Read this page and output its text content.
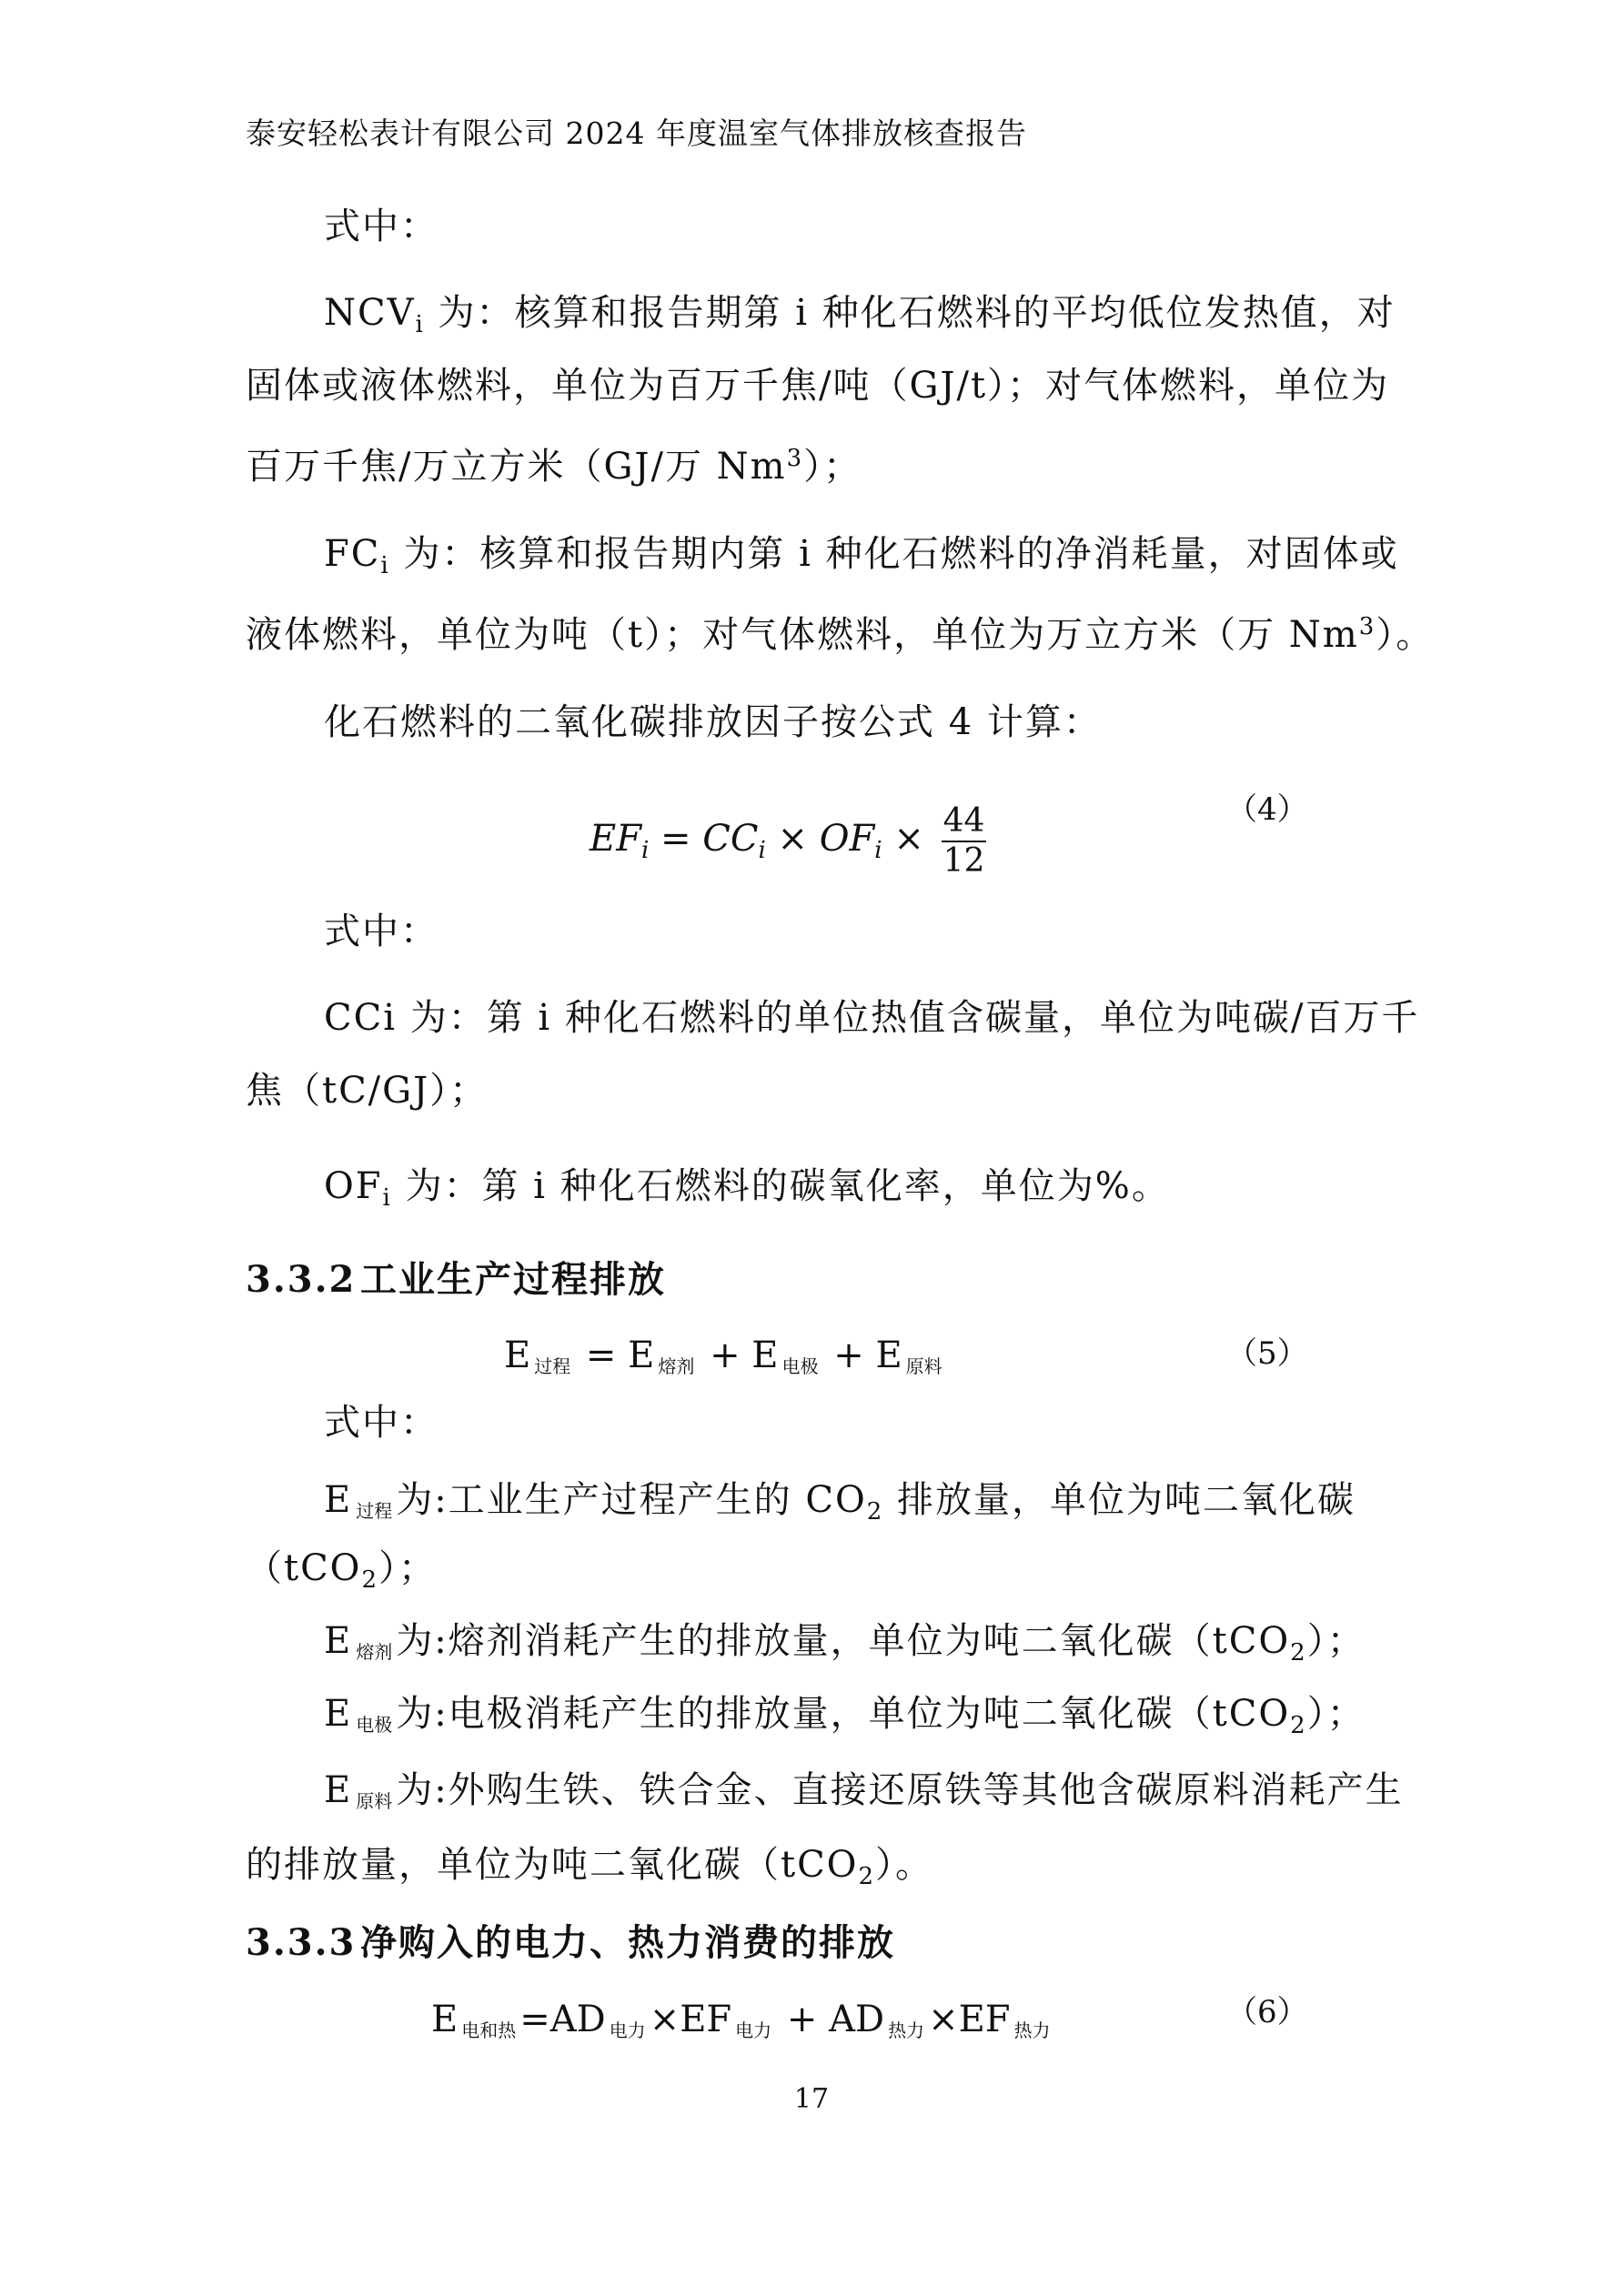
泰安轻松表计有限公司 2024 年度温室气体排放核查报告
式中：
$NCV_i$ 为：核算和报告期第 i 种化石燃料的平均低位发热值，对
固体或液体燃料，单位为百万千焦/吨（GJ/t）；对气体燃料，单位为
百万千焦/万立方米（GJ/万 Nm$^3$）；
$FC_i$ 为：核算和报告期内第 i 种化石燃料的净消耗量，对固体或
液体燃料，单位为吨（t）；对气体燃料，单位为万立方米（万 Nm$^3$）。
化石燃料的二氧化碳排放因子按公式 4 计算：
$EF_i = CC_i \times OF_i \times \frac{44}{12}$	（4）
式中：
CCi 为：第 i 种化石燃料的单位热值含碳量，单位为吨碳/百万千
焦（tC/GJ）；
$OF_i$ 为：第 i 种化石燃料的碳氧化率，单位为%。
3.3.2 工业生产过程排放
E过程 = E 熔剂 + E 电极 + E 原料	（5）
式中：
E过程 为:工业生产过程产生的 $CO_2$ 排放量，单位为吨二氧化碳
（tCO$_2$）；
E熔剂 为:熔剂消耗产生的排放量，单位为吨二氧化碳（tCO$_2$）；
E电极 为:电极消耗产生的排放量，单位为吨二氧化碳（tCO$_2$）；
E原料 为:外购生铁、铁合金、直接还原铁等其他含碳原料消耗产生
的排放量，单位为吨二氧化碳（tCO$_2$）。
3.3.3 净购入的电力、热力消费的排放
E电和热 =AD 电力 ×EF 电力 + AD 热力 ×EF 热力	（6）
17
